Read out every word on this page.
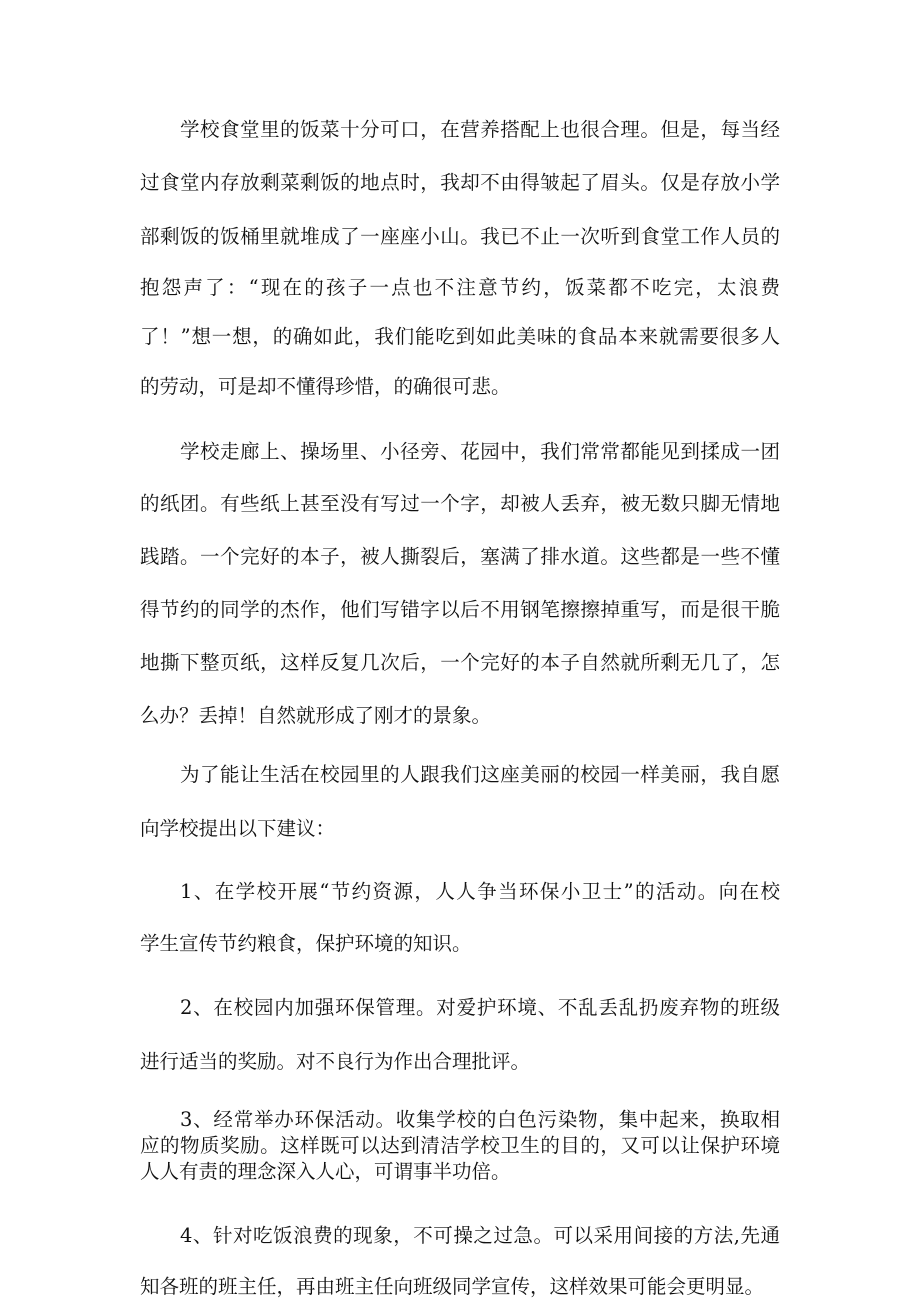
学校食堂里的饭菜十分可口，在营养搭配上也很合理。但是，每当经
过食堂内存放剩菜剩饭的地点时，我却不由得皱起了眉头。仅是存放小学
部剩饭的饭桶里就堆成了一座座小山。我已不止一次听到食堂工作人员的
抱怨声了：“现在的孩子一点也不注意节约，饭菜都不吃完，太浪费
了！”想一想，的确如此，我们能吃到如此美味的食品本来就需要很多人
的劳动，可是却不懂得珍惜，的确很可悲。
学校走廊上、操场里、小径旁、花园中，我们常常都能见到揉成一团
的纸团。有些纸上甚至没有写过一个字，却被人丢弃，被无数只脚无情地
践踏。一个完好的本子，被人撕裂后，塞满了排水道。这些都是一些不懂
得节约的同学的杰作，他们写错字以后不用钢笔擦擦掉重写，而是很干脆
地撕下整页纸，这样反复几次后，一个完好的本子自然就所剩无几了，怎
么办？丢掉！自然就形成了刚才的景象。
为了能让生活在校园里的人跟我们这座美丽的校园一样美丽，我自愿
向学校提出以下建议：
1、在学校开展“节约资源，人人争当环保小卫士”的活动。向在校
学生宣传节约粮食，保护环境的知识。
2、在校园内加强环保管理。对爱护环境、不乱丢乱扔废弃物的班级
进行适当的奖励。对不良行为作出合理批评。
3、经常举办环保活动。收集学校的白色污染物，集中起来，换取相
应的物质奖励。这样既可以达到清洁学校卫生的目的，又可以让保护环境
人人有责的理念深入人心，可谓事半功倍。
4、针对吃饭浪费的现象，不可操之过急。可以采用间接的方法,先通
知各班的班主任，再由班主任向班级同学宣传，这样效果可能会更明显。
